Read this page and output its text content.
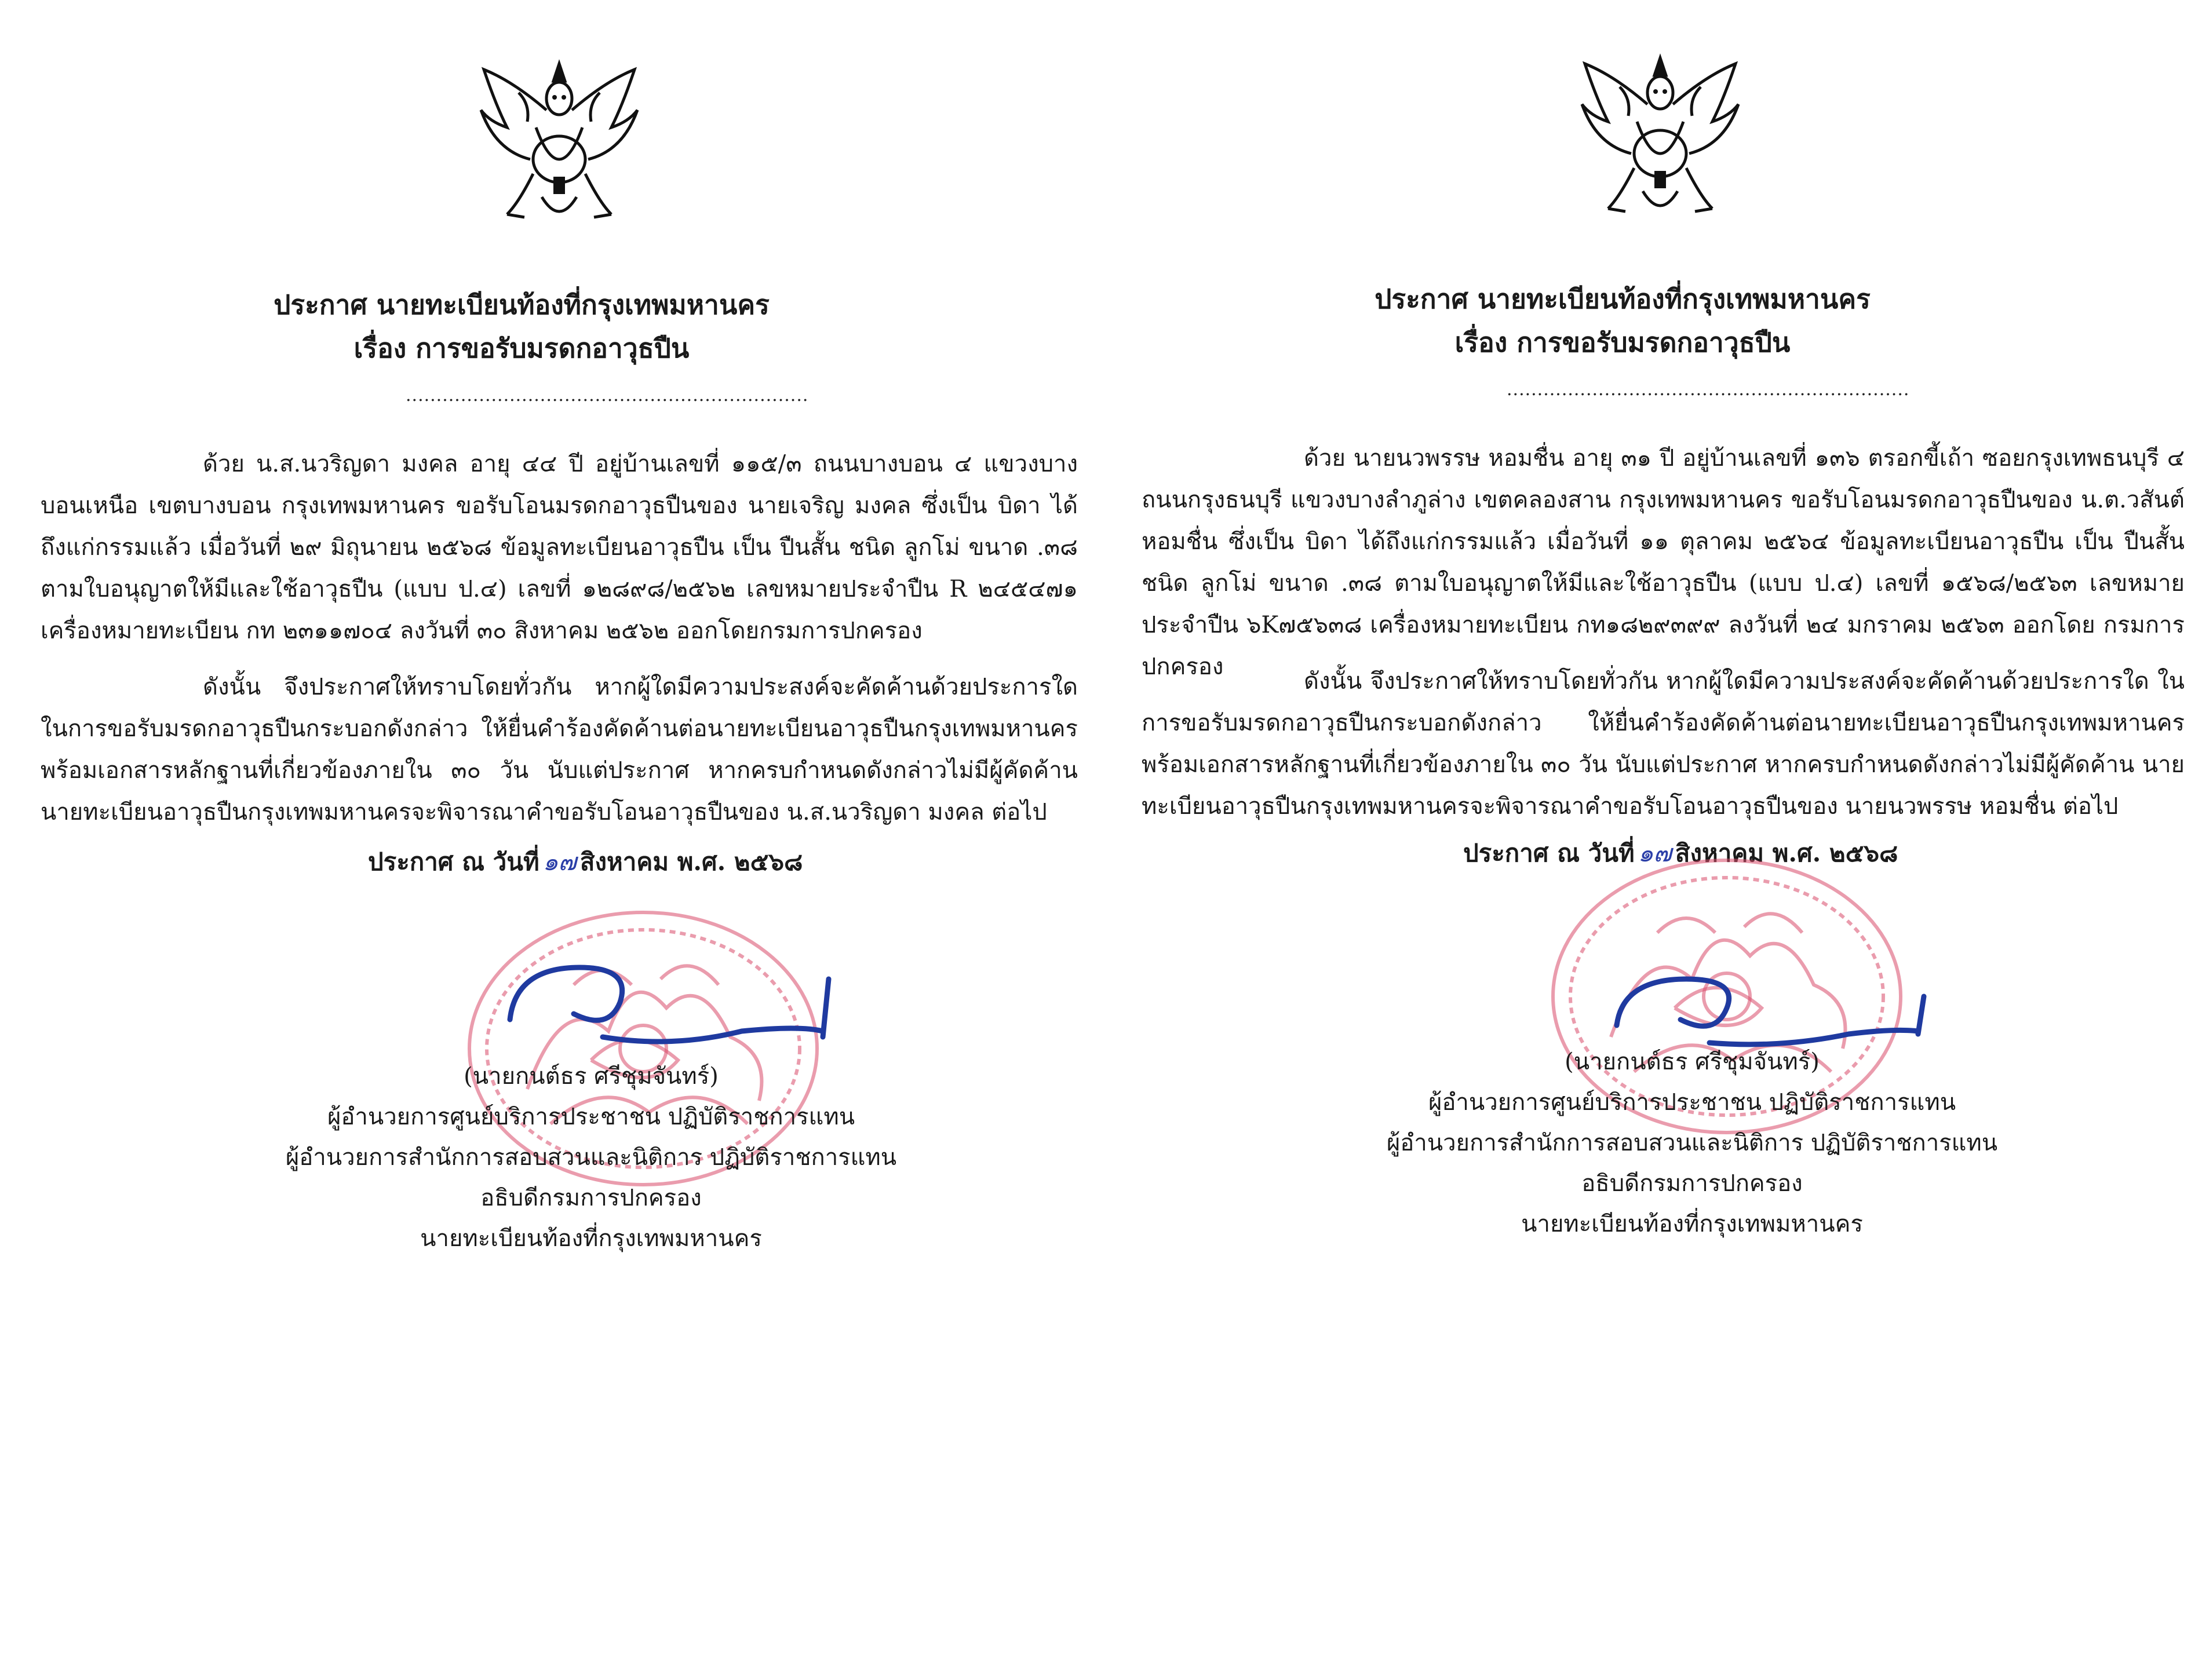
ประกาศ นายทะเบียนท้องที่กรุงเทพมหานคร
เรื่อง การขอรับมรดกอาวุธปืน
..................................................................

ด้วย น.ส.นวริญดา มงคล อายุ ๔๔ ปี อยู่บ้านเลขที่ ๑๑๕/๓ ถนนบางบอน ๔ แขวงบางบอนเหนือ เขตบางบอน กรุงเทพมหานคร ขอรับโอนมรดกอาวุธปืนของ นายเจริญ มงคล ซึ่งเป็น บิดา ได้ถึงแก่กรรมแล้ว เมื่อวันที่ ๒๙ มิถุนายน ๒๕๖๘ ข้อมูลทะเบียนอาวุธปืน เป็น ปืนสั้น ชนิด ลูกโม่ ขนาด .๓๘ ตามใบอนุญาตให้มีและใช้อาวุธปืน (แบบ ป.๔) เลขที่ ๑๒๘๙๘/๒๕๖๒ เลขหมายประจำปืน R ๒๔๕๔๗๑ เครื่องหมายทะเบียน กท ๒๓๑๑๗๐๔ ลงวันที่ ๓๐ สิงหาคม ๒๕๖๒ ออกโดยกรมการปกครอง

ดังนั้น จึงประกาศให้ทราบโดยทั่วกัน หากผู้ใดมีความประสงค์จะคัดค้านด้วยประการใด ในการขอรับมรดกอาวุธปืนกระบอกดังกล่าว ให้ยื่นคำร้องคัดค้านต่อนายทะเบียนอาวุธปืนกรุงเทพมหานคร พร้อมเอกสารหลักฐานที่เกี่ยวข้องภายใน ๓๐ วัน นับแต่ประกาศ หากครบกำหนดดังกล่าวไม่มีผู้คัดค้าน นายทะเบียนอาวุธปืนกรุงเทพมหานครจะพิจารณาคำขอรับโอนอาวุธปืนของ น.ส.นวริญดา มงคล ต่อไป

ประกาศ ณ วันที่ ๑๗ สิงหาคม พ.ศ. ๒๕๖๘
(นายกนต์ธร ศรีชุมจันทร์)
ผู้อำนวยการศูนย์บริการประชาชน ปฏิบัติราชการแทน
ผู้อำนวยการสำนักการสอบสวนและนิติการ ปฏิบัติราชการแทน
อธิบดีกรมการปกครอง
นายทะเบียนท้องที่กรุงเทพมหานคร
ประกาศ นายทะเบียนท้องที่กรุงเทพมหานคร
เรื่อง การขอรับมรดกอาวุธปืน
..................................................................

ด้วย นายนวพรรษ หอมชื่น อายุ ๓๑ ปี อยู่บ้านเลขที่ ๑๓๖ ตรอกขี้เถ้า ซอยกรุงเทพธนบุรี ๔ ถนนกรุงธนบุรี แขวงบางลำภูล่าง เขตคลองสาน กรุงเทพมหานคร ขอรับโอนมรดกอาวุธปืนของ น.ต.วสันต์ หอมชื่น ซึ่งเป็น บิดา ได้ถึงแก่กรรมแล้ว เมื่อวันที่ ๑๑ ตุลาคม ๒๕๖๔ ข้อมูลทะเบียนอาวุธปืน เป็น ปืนสั้น ชนิด ลูกโม่ ขนาด .๓๘ ตามใบอนุญาตให้มีและใช้อาวุธปืน (แบบ ป.๔) เลขที่ ๑๕๖๘/๒๕๖๓ เลขหมายประจำปืน ๖K๗๕๖๓๘ เครื่องหมายทะเบียน กท๑๘๒๙๓๙๙ ลงวันที่ ๒๔ มกราคม ๒๕๖๓ ออกโดย กรมการปกครอง

ดังนั้น จึงประกาศให้ทราบโดยทั่วกัน หากผู้ใดมีความประสงค์จะคัดค้านด้วยประการใด ในการขอรับมรดกอาวุธปืนกระบอกดังกล่าว ให้ยื่นคำร้องคัดค้านต่อนายทะเบียนอาวุธปืนกรุงเทพมหานคร พร้อมเอกสารหลักฐานที่เกี่ยวข้องภายใน ๓๐ วัน นับแต่ประกาศ หากครบกำหนดดังกล่าวไม่มีผู้คัดค้าน นายทะเบียนอาวุธปืนกรุงเทพมหานครจะพิจารณาคำขอรับโอนอาวุธปืนของ นายนวพรรษ หอมชื่น ต่อไป

ประกาศ ณ วันที่ ๑๗ สิงหาคม พ.ศ. ๒๕๖๘
(นายกนต์ธร ศรีชุมจันทร์)
ผู้อำนวยการศูนย์บริการประชาชน ปฏิบัติราชการแทน
ผู้อำนวยการสำนักการสอบสวนและนิติการ ปฏิบัติราชการแทน
อธิบดีกรมการปกครอง
นายทะเบียนท้องที่กรุงเทพมหานคร
